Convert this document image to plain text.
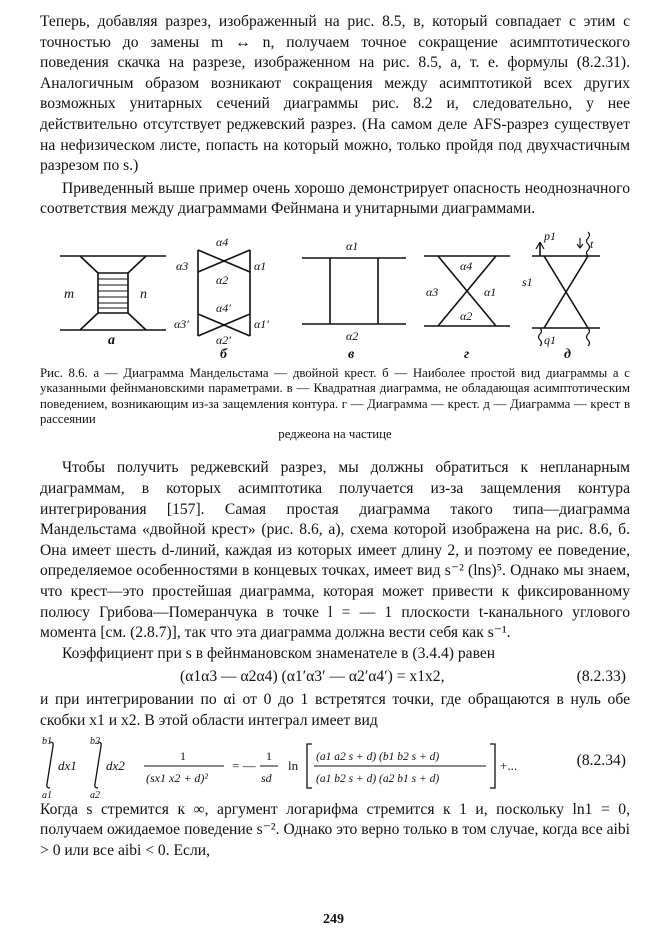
Теперь, добавляя разрез, изображенный на рис. 8.5, в, который совпадает с этим с точностью до замены m ↔ n, получаем точное сокращение асимптотического поведения скачка на разрезе, изображенном на рис. 8.5, а, т. е. формулы (8.2.31). Аналогичным образом возникают сокращения между асимптотикой всех других возможных унитарных сечений диаграммы рис. 8.2 и, следовательно, у нее действительно отсутствует реджевский разрез. (На самом деле AFS-разрез существует на нефизическом листе, попасть на который можно, только пройдя под двухчастичным разрезом по s.)

Приведенный выше пример очень хорошо демонстрирует опасность неоднозначного соответствия между диаграммами Фейнмана и унитарными диаграммами.

m	n
а
α4
α3	α1
α2
α4′
α3′	α1′
α2′
б
α1
α2
в
α4
α3	α1
α2
г
p1
t
s1
q1
д
Рис. 8.6. а — Диаграмма Мандельстама — двойной крест. б — Наиболее простой вид диаграммы а с указанными фейнмановскими параметрами. в — Квадратная диаграмма, не обладающая асимптотическим поведением, возникающим из-за защемления контура. г — Диаграмма — крест. д — Диаграмма — крест в рассеянии
реджеона на частице

Чтобы получить реджевский разрез, мы должны обратиться к непланарным диаграммам, в которых асимптотика получается из-за защемления контура интегрирования [157]. Самая простая диаграмма такого типа—диаграмма Мандельстама «двойной крест» (рис. 8.6, а), схема которой изображена на рис. 8.6, б. Она имеет шесть d-линий, каждая из которых имеет длину 2, и поэтому ее поведение, определяемое особенностями в концевых точках, имеет вид s⁻² (lns)⁵. Однако мы знаем, что крест—это простейшая диаграмма, которая может привести к фиксированному полюсу Грибова—Померанчука в точке l = — 1 плоскости t-канального углового момента [см. (2.8.7)], так что эта диаграмма должна вести себя как s⁻¹.

Коэффициент при s в фейнмановском знаменателе в (3.4.4) равен

(α1α3 — α2α4) (α1′α3′ — α2′α4′) = x1x2,	(8.2.33)

и при интегрировании по αi от 0 до 1 встретятся точки, где обращаются в нуль обе скобки x1 и x2. В этой области интеграл имеет вид

b1
a1
dx1
b2
a2
dx2
1
(sx1 x2 + d)²
= —
1
sd
ln
(a1 a2 s + d) (b1 b2 s + d)
(a1 b2 s + d) (a2 b1 s + d)
+...	(8.2.34)

Когда s стремится к ∞, аргумент логарифма стремится к 1 и, поскольку ln1 = 0, получаем ожидаемое поведение s⁻². Однако это верно только в том случае, когда все aibi > 0 или все aibi < 0. Если,

249
